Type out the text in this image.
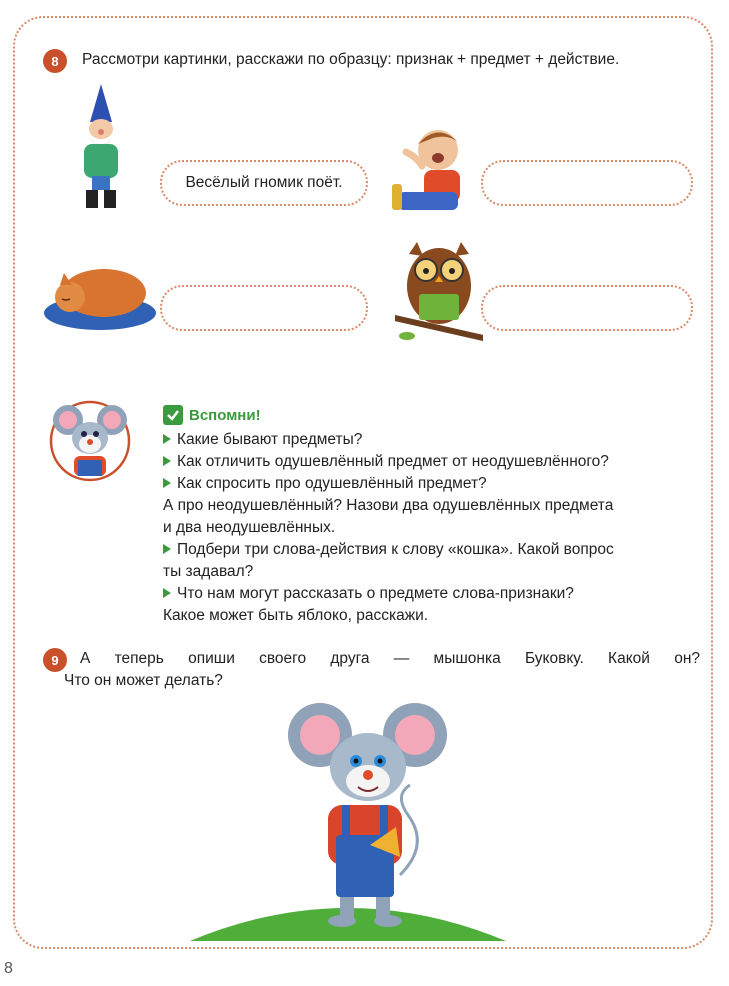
8	Рассмотри картинки, расскажи по образцу: признак + предмет + действие.
Весёлый гномик поёт.
Вспомни!
Какие бывают предметы?
Как отличить одушевлённый предмет от неодушевлённого?
Как спросить про одушевлённый предмет?
А про неодушевлённый? Назови два одушевлённых предмета
и два неодушевлённых.
Подбери три слова-действия к слову «кошка». Какой вопрос
ты задавал?
Что нам могут рассказать о предмете слова-признаки?
Какое может быть яблоко, расскажи.
9	А теперь опиши своего друга — мышонка Буковку. Какой он?
Что он может делать?
8
